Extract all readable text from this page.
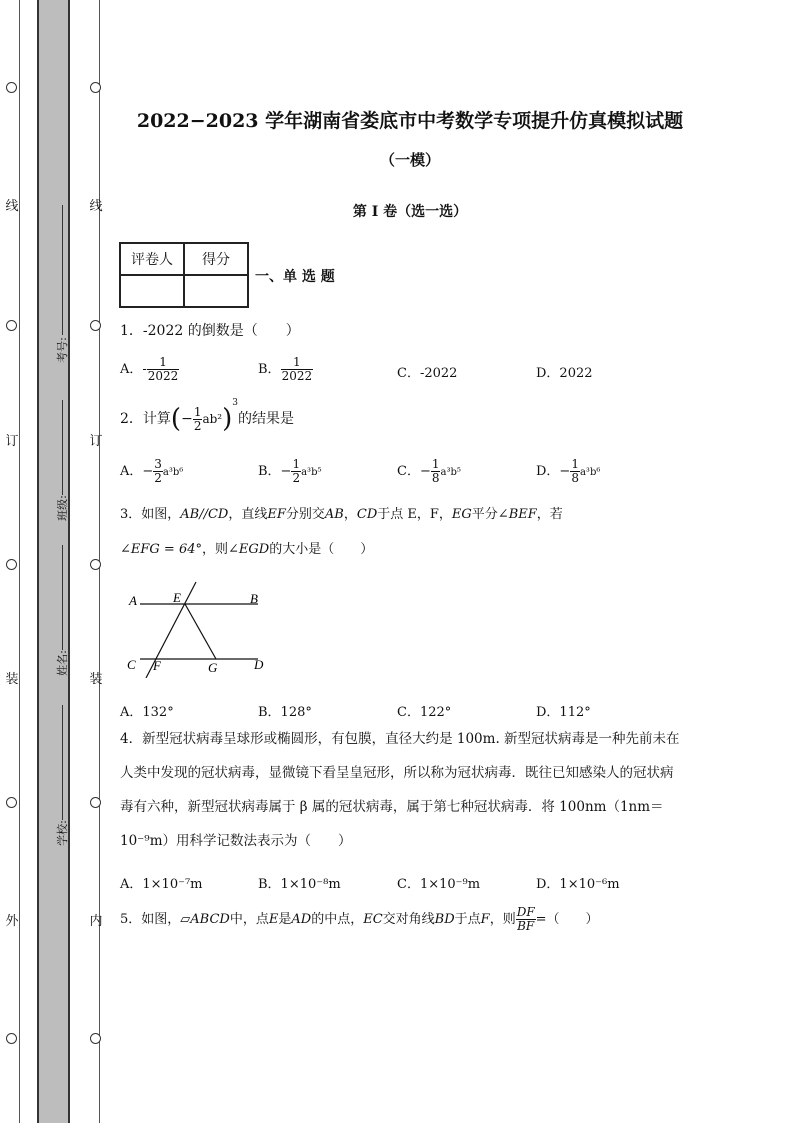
线
订
装
外
线
订
装
内
考号:
班级:
姓名:
学校:
2022−2023 学年湖南省娄底市中考数学专项提升仿真模拟试题
（一模）
第 I 卷（选一选）
评卷人	得分

一、单 选 题
1．-2022 的倒数是（　　）
A．- $\frac{1}{2022}$	B． $\frac{1}{2022}$	C．-2022	D．2022
2．计算(− $\frac{1}{2} ab^2)^3$的结果是
A．− $\frac{3}{2} a^3b^6$	B．− $\frac{1}{2} a^3b^5$	C．− $\frac{1}{8} a^3b^5$	D．− $\frac{1}{8} a^3b^6$
3．如图，AB//CD，直线EF分别交AB，CD于点 E，F，EG平分∠BEF，若
∠EFG = 64°，则∠EGD的大小是（　　）
A	E	B
C F	G	D
A．132°	B．128°	C．122°	D．112°
4．新型冠状病毒呈球形或椭圆形，有包膜，直径大约是 100m. 新型冠状病毒是一种先前未在人类中发现的冠状病毒，显微镜下看呈皇冠形，所以称为冠状病毒．既往已知感染人的冠状病毒有六种，新型冠状病毒属于 β 属的冠状病毒，属于第七种冠状病毒．将 100nm（1nm＝10⁻⁹m）用科学记数法表示为（　　）
A．1×10⁻⁷m	B．1×10⁻⁸m	C．1×10⁻⁹m	D．1×10⁻⁶m
5．如图，▱ABCD中，点E是AD的中点，EC交对角线BD于点F，则 $\frac{DF}{BF}$ =（　　）
